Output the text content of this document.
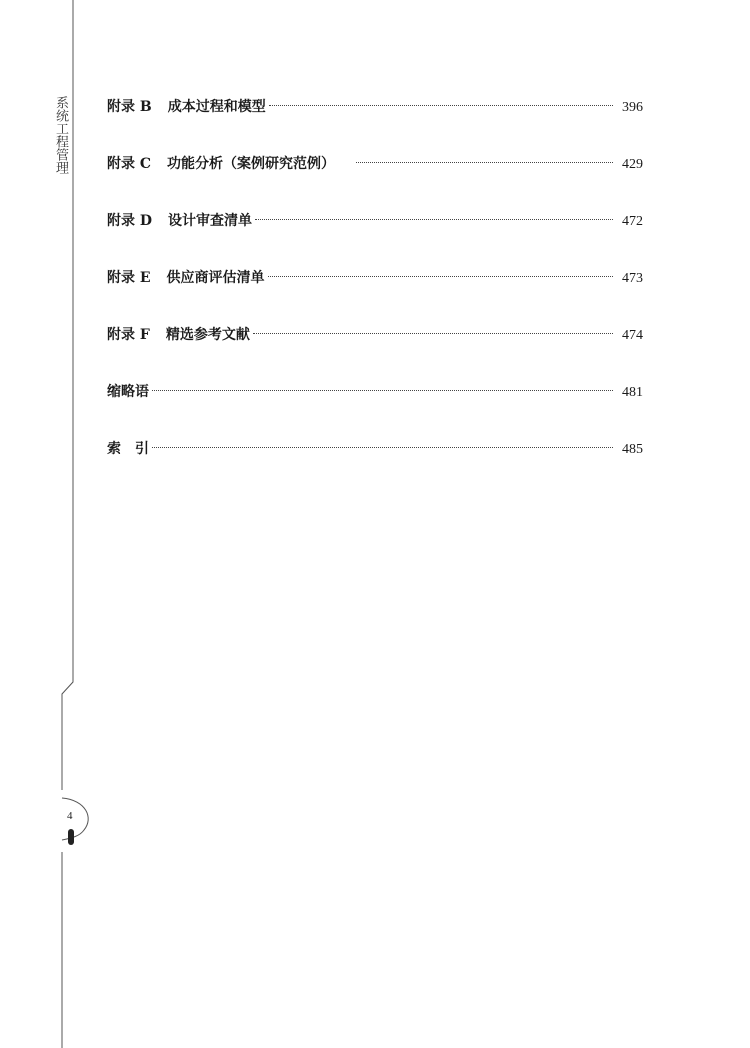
系统工程管理
4
附录 B 成本过程和模型	396
附录 C 功能分析（案例研究范例）	429
附录 D 设计审查清单	472
附录 E 供应商评估清单	473
附录 F 精选参考文献	474
缩略语	481
索　引	485
